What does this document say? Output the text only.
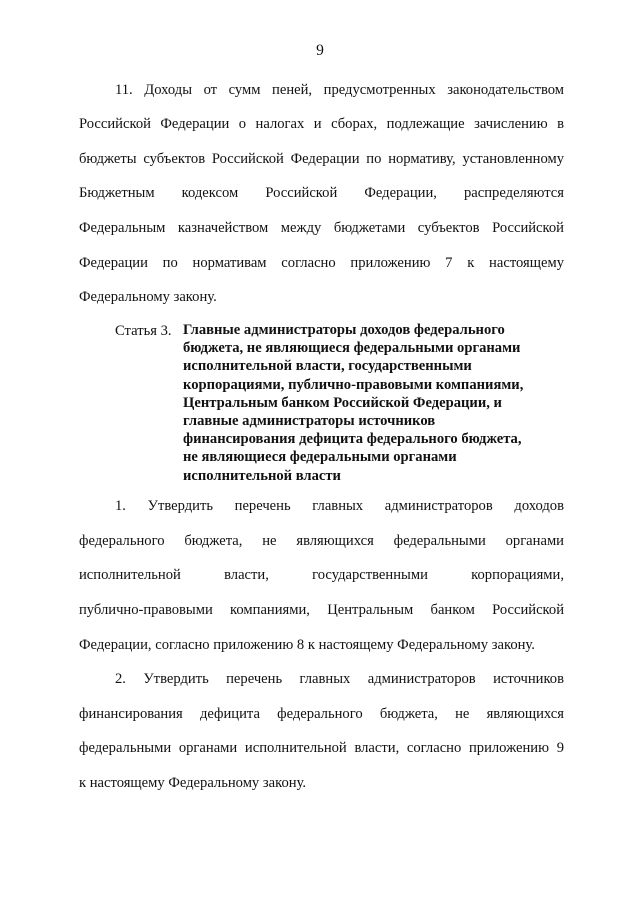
9
11. Доходы от сумм пеней, предусмотренных законодательством
Российской Федерации о налогах и сборах, подлежащие зачислению в
бюджеты субъектов Российской Федерации по нормативу, установленному
Бюджетным кодексом Российской Федерации, распределяются
Федеральным казначейством между бюджетами субъектов Российской
Федерации по нормативам согласно приложению 7 к настоящему
Федеральному закону.
Статья 3. Главные администраторы доходов федерального
бюджета, не являющиеся федеральными органами
исполнительной власти, государственными
корпорациями, публично-правовыми компаниями,
Центральным банком Российской Федерации, и
главные администраторы источников
финансирования дефицита федерального бюджета,
не являющиеся федеральными органами
исполнительной власти
1. Утвердить перечень главных администраторов доходов
федерального бюджета, не являющихся федеральными органами
исполнительной власти, государственными корпорациями,
публично-правовыми компаниями, Центральным банком Российской
Федерации, согласно приложению 8 к настоящему Федеральному закону.
2. Утвердить перечень главных администраторов источников
финансирования дефицита федерального бюджета, не являющихся
федеральными органами исполнительной власти, согласно приложению 9
к настоящему Федеральному закону.
